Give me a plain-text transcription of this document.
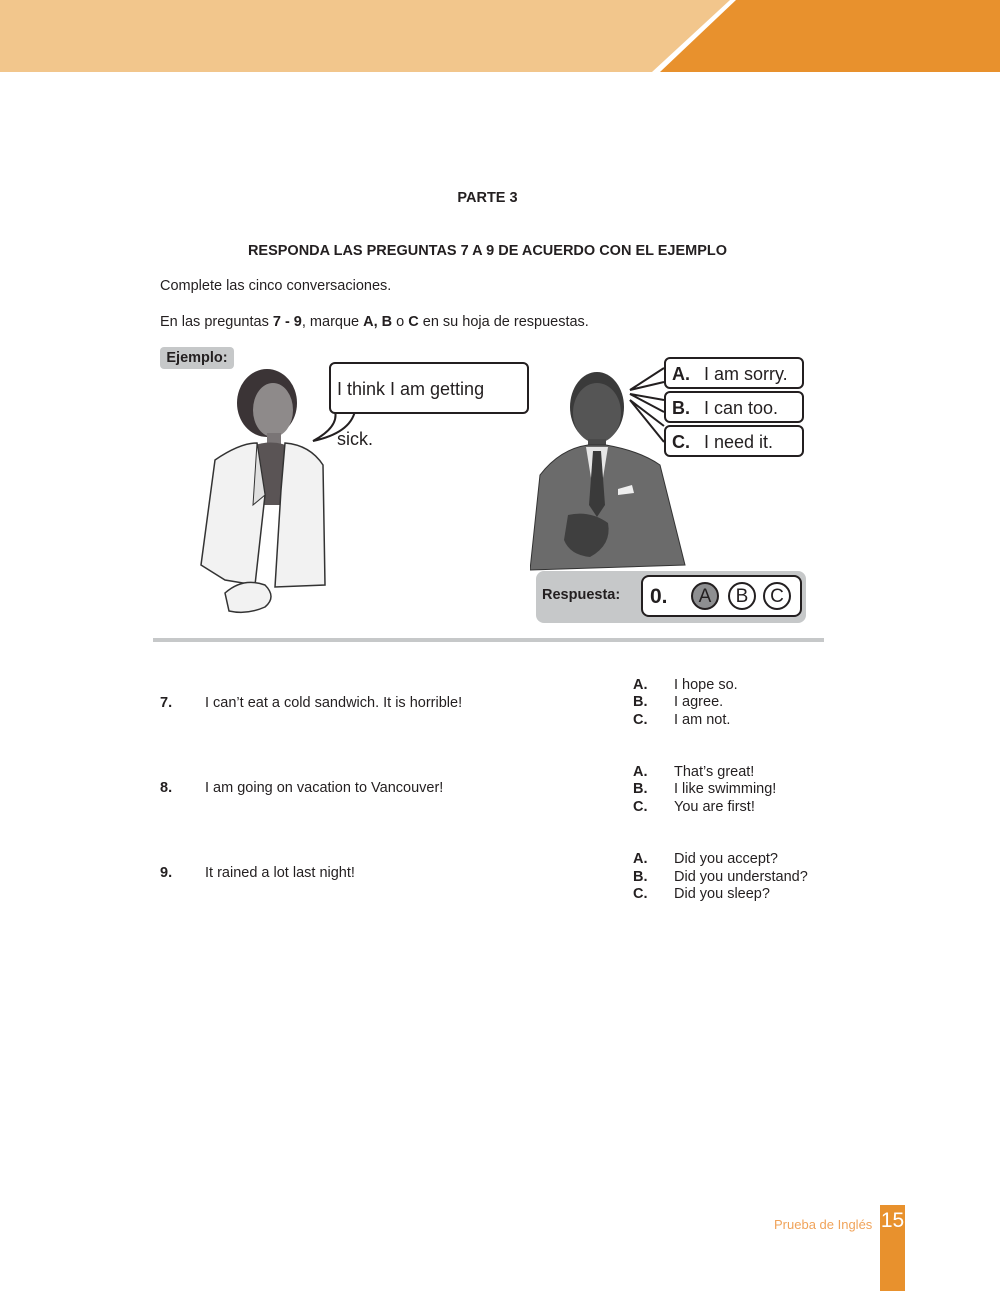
PARTE 3
RESPONDA LAS PREGUNTAS 7 A 9 DE ACUERDO CON EL EJEMPLO
Complete las cinco conversaciones.
En las preguntas 7 - 9, marque A, B o C en su hoja de respuestas.
Ejemplo:
I think I am getting sick.
A. I am sorry.
B. I can too.
C. I need it.
Respuesta: 0.	A	B	C
7. I can’t eat a cold sandwich. It is horrible!
A. I hope so.
B. I agree.
C. I am not.
8. I am going on vacation to Vancouver!
A. That’s great!
B. I like swimming!
C. You are first!
9. It rained a lot last night!
A. Did you accept?
B. Did you understand?
C. Did you sleep?
Prueba de Inglés 15
